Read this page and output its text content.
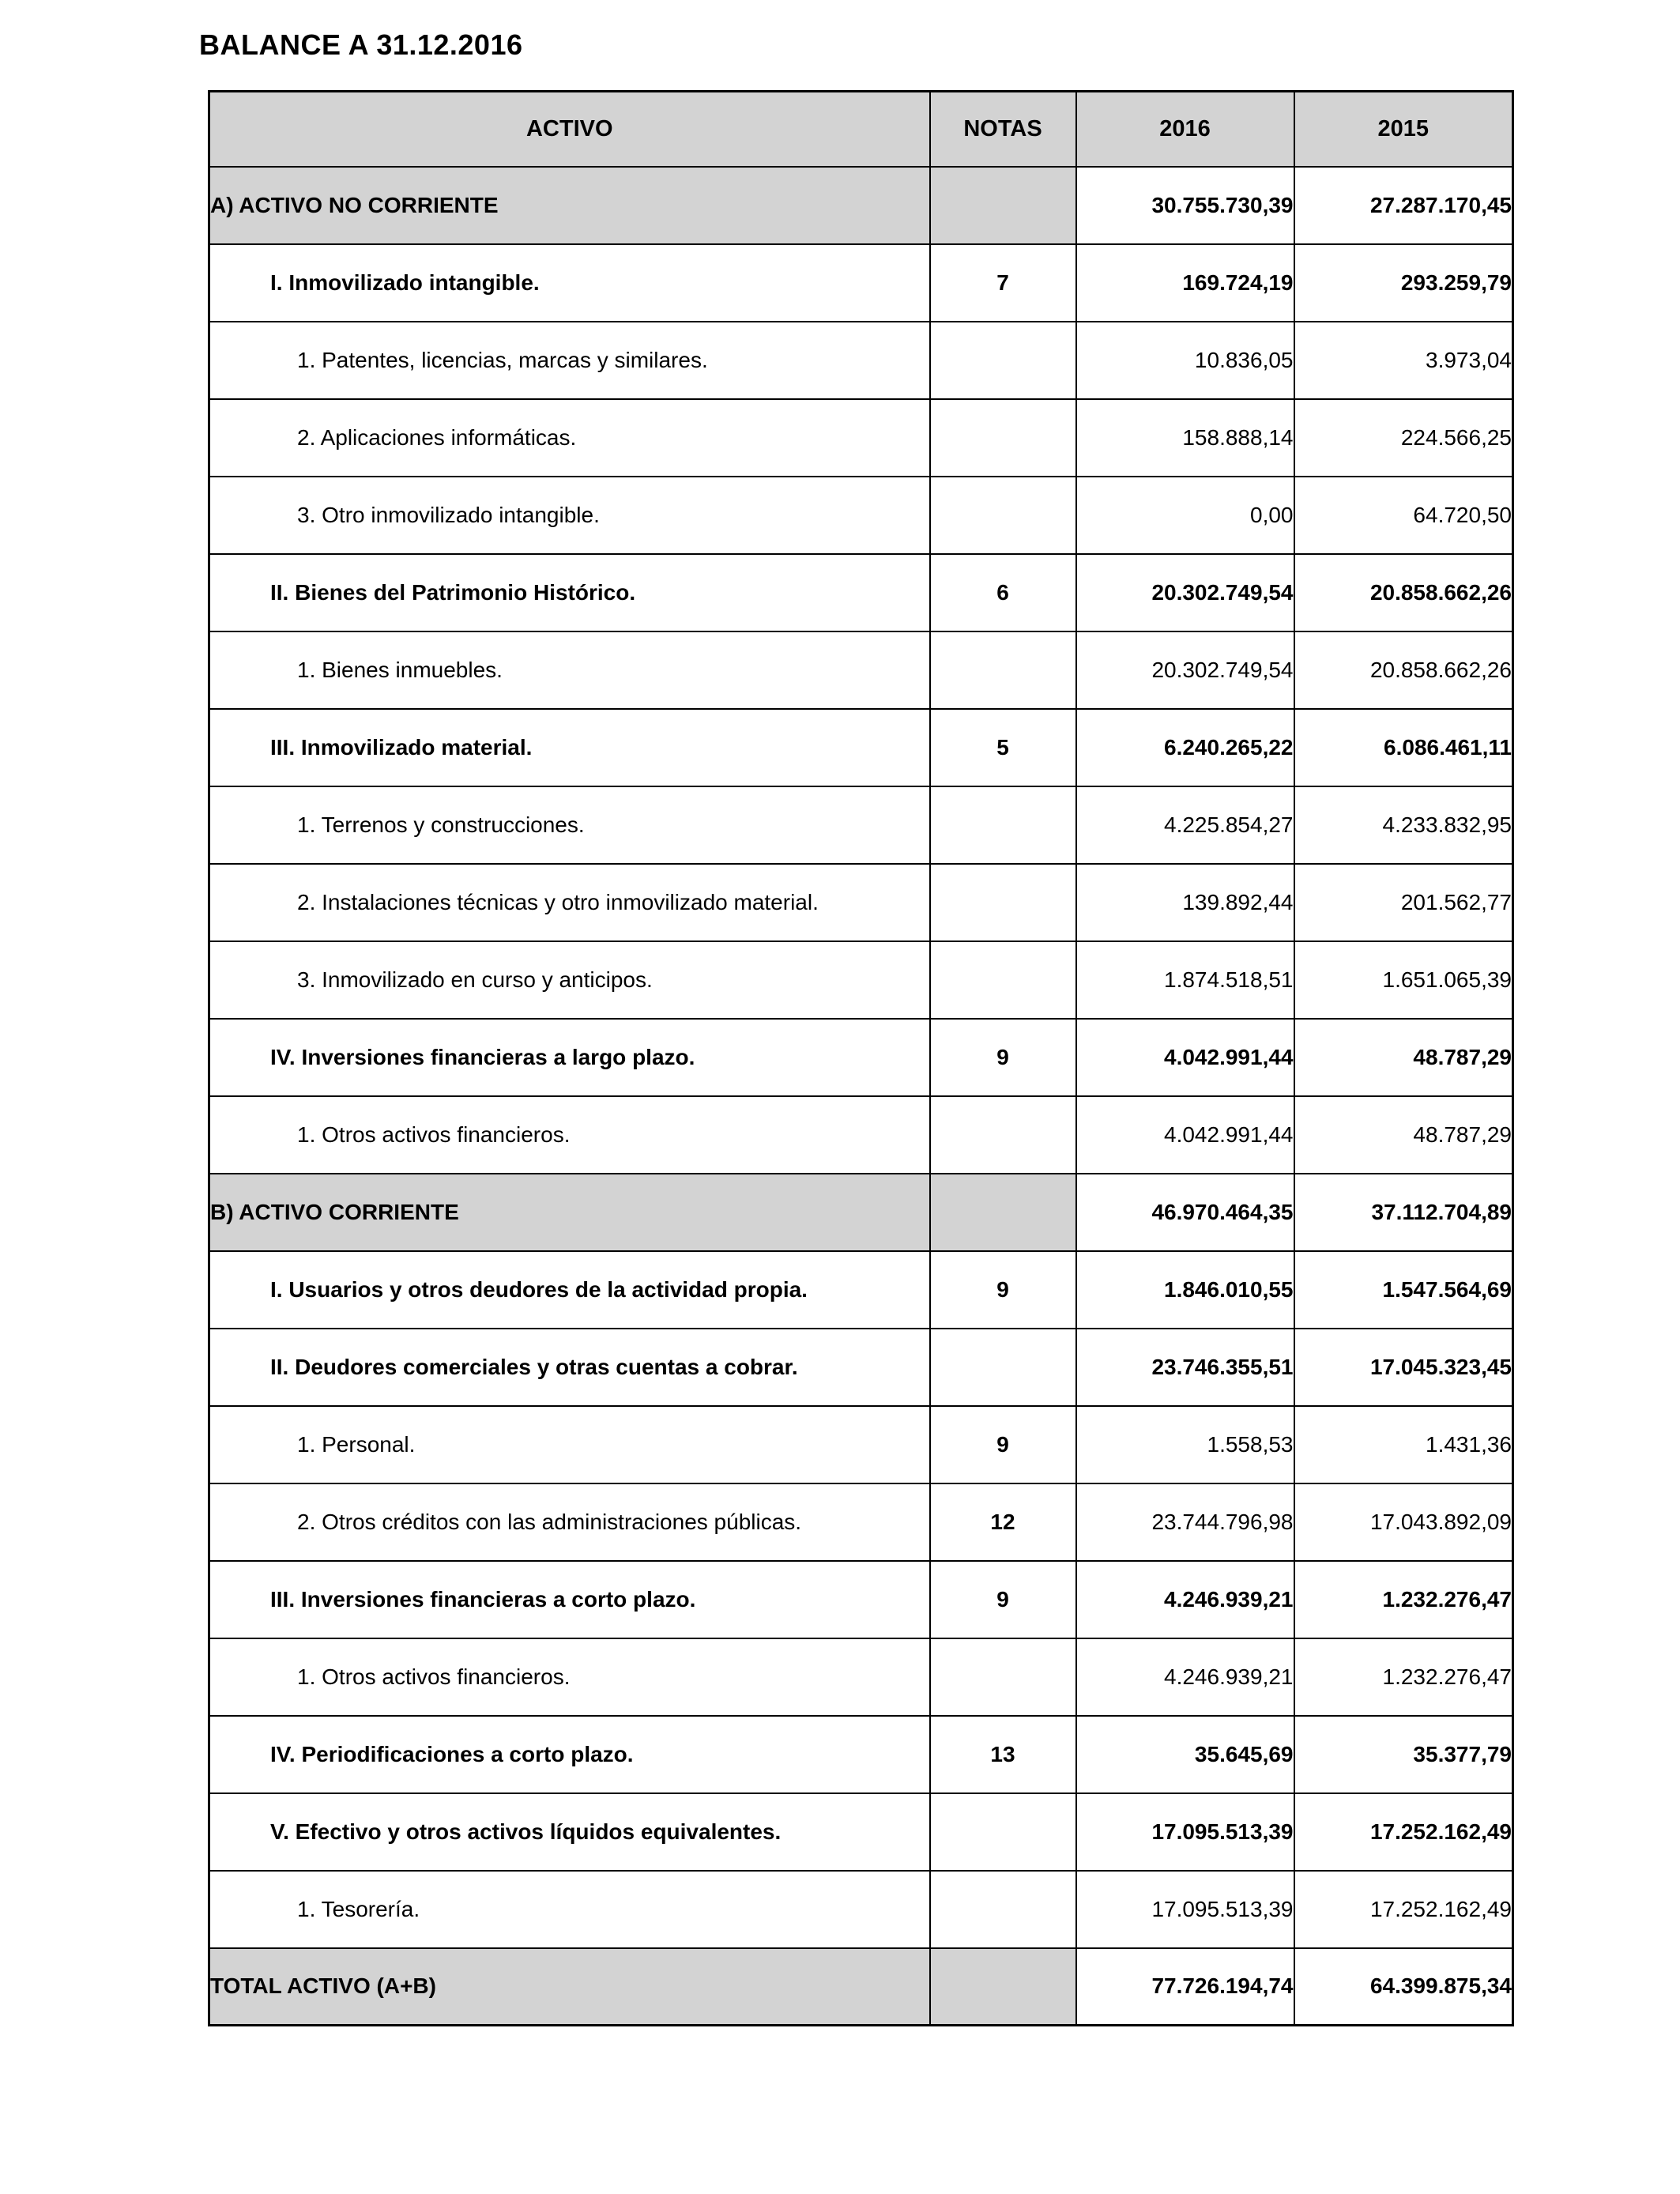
BALANCE A 31.12.2016
ACTIVO	NOTAS	2016	2015
A) ACTIVO NO CORRIENTE		30.755.730,39	27.287.170,45
I. Inmovilizado intangible.	7	169.724,19	293.259,79
1. Patentes, licencias, marcas y similares.		10.836,05	3.973,04
2. Aplicaciones informáticas.		158.888,14	224.566,25
3. Otro inmovilizado intangible.		0,00	64.720,50
II. Bienes del Patrimonio Histórico.	6	20.302.749,54	20.858.662,26
1. Bienes inmuebles.		20.302.749,54	20.858.662,26
III. Inmovilizado material.	5	6.240.265,22	6.086.461,11
1. Terrenos y construcciones.		4.225.854,27	4.233.832,95
2. Instalaciones técnicas y otro inmovilizado material.		139.892,44	201.562,77
3. Inmovilizado en curso y anticipos.		1.874.518,51	1.651.065,39
IV. Inversiones financieras a largo plazo.	9	4.042.991,44	48.787,29
1. Otros activos financieros.		4.042.991,44	48.787,29
B) ACTIVO CORRIENTE		46.970.464,35	37.112.704,89
I. Usuarios y otros deudores de la actividad propia.	9	1.846.010,55	1.547.564,69
II. Deudores comerciales y otras cuentas a cobrar.		23.746.355,51	17.045.323,45
1. Personal.	9	1.558,53	1.431,36
2. Otros créditos con las administraciones públicas.	12	23.744.796,98	17.043.892,09
III. Inversiones financieras a corto plazo.	9	4.246.939,21	1.232.276,47
1. Otros activos financieros.		4.246.939,21	1.232.276,47
IV. Periodificaciones a corto plazo.	13	35.645,69	35.377,79
V. Efectivo y otros activos líquidos equivalentes.		17.095.513,39	17.252.162,49
1. Tesorería.		17.095.513,39	17.252.162,49
TOTAL ACTIVO (A+B)		77.726.194,74	64.399.875,34
